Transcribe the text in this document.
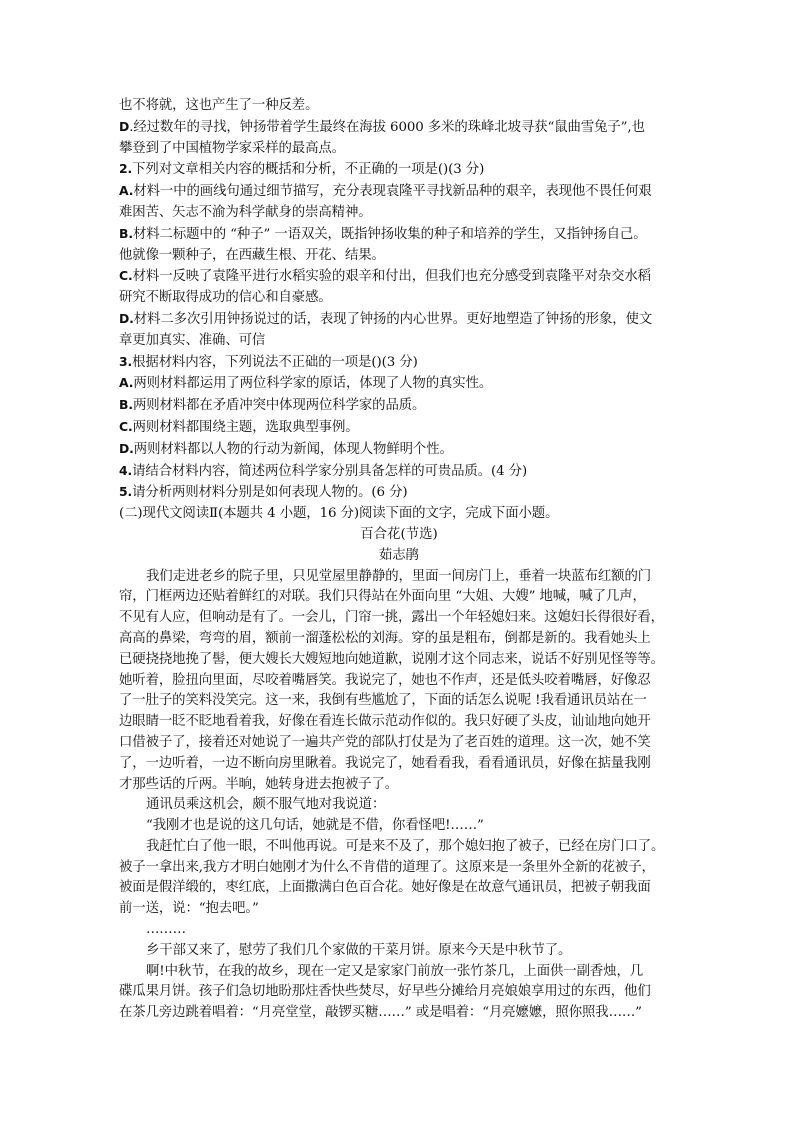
也不将就，这也产生了一种反差。

D.经过数年的寻找，钟扬带着学生最终在海拔 6000 多米的珠峰北坡寻获“鼠曲雪兔子”,也

攀登到了中国植物学家采样的最高点。

2.下列对文章相关内容的概括和分析，不正确的一项是()(3 分)

A.材料一中的画线句通过细节描写，充分表现袁隆平寻找新品种的艰辛，表现他不畏任何艰

难困苦、矢志不渝为科学献身的崇高精神。

B.材料二标题中的 “种子” 一语双关，既指钟扬收集的种子和培养的学生，又指钟扬自己。

他就像一颗种子，在西藏生根、开花、结果。

C.材料一反映了袁隆平进行水稻实验的艰辛和付出，但我们也充分感受到袁隆平对杂交水稻

研究不断取得成功的信心和自豪感。

D.材料二多次引用钟扬说过的话，表现了钟扬的内心世界。更好地塑造了钟扬的形象，使文

章更加真实、准确、可信

3.根据材料内容，下列说法不正础的一项是()(3 分)

A.两则材料都运用了两位科学家的原话，体现了人物的真实性。

B.两则材料都在矛盾冲突中体现两位科学家的品质。

C.两则材料都围绕主题，选取典型事例。

D.两则材料都以人物的行动为新闻，体现人物鲜明个性。

4.请结合材料内容，简述两位科学家分别具备怎样的可贵品质。(4 分)

5.请分析两则材料分别是如何表现人物的。(6 分)

(二)现代文阅读Ⅱ(本题共 4 小题，16 分)阅读下面的文字，完成下面小题。

百合花(节选)

茹志鹃

我们走进老乡的院子里，只见堂屋里静静的，里面一间房门上，垂着一块蓝布红额的门

帘，门框两边还贴着鲜红的对联。我们只得站在外面向里 “大姐、大嫂” 地喊，喊了几声，

不见有人应，但响动是有了。一会儿，门帘一挑，露出一个年轻媳妇来。这媳妇长得很好看，

高高的鼻梁，弯弯的眉，额前一溜蓬松松的刘海。穿的虽是粗布，倒都是新的。我看她头上

已硬挠挠地挽了髻，便大嫂长大嫂短地向她道歉，说刚才这个同志来，说话不好别见怪等等。

她听着，脸扭向里面，尽咬着嘴唇笑。我说完了，她也不作声，还是低头咬着嘴唇，好像忍

了一肚子的笑料没笑完。这一来，我倒有些尴尬了，下面的话怎么说呢 !我看通讯员站在一

边眼睛一眨不眨地看着我，好像在看连长做示范动作似的。我只好硬了头皮，讪讪地向她开

口借被子了，接着还对她说了一遍共产党的部队打仗是为了老百姓的道理。这一次，她不笑

了，一边听着，一边不断向房里瞅着。我说完了，她看看我，看看通讯员，好像在掂量我刚

才那些话的斤两。半晌，她转身进去抱被子了。

通讯员乘这机会，颇不服气地对我说道：

“我刚才也是说的这几句话，她就是不借，你看怪吧!……”

我赶忙白了他一眼，不叫他再说。可是来不及了，那个媳妇抱了被子，已经在房门口了。

被子一拿出来,我方才明白她刚才为什么不肯借的道理了。这原来是一条里外全新的花被子，

被面是假洋缎的，枣红底，上面撒满白色百合花。她好像是在故意气通讯员，把被子朝我面

前一送，说：“抱去吧。”

………

乡干部又来了，慰劳了我们几个家做的干菜月饼。原来今天是中秋节了。

啊!中秋节，在我的故乡，现在一定又是家家门前放一张竹茶几，上面供一副香烛，几

碟瓜果月饼。孩子们急切地盼那炷香快些焚尽，好早些分摊给月亮娘娘享用过的东西，他们

在茶几旁边跳着唱着：“月亮堂堂，敲锣买糖……” 或是唱着：“月亮嬷嬷，照你照我……”
